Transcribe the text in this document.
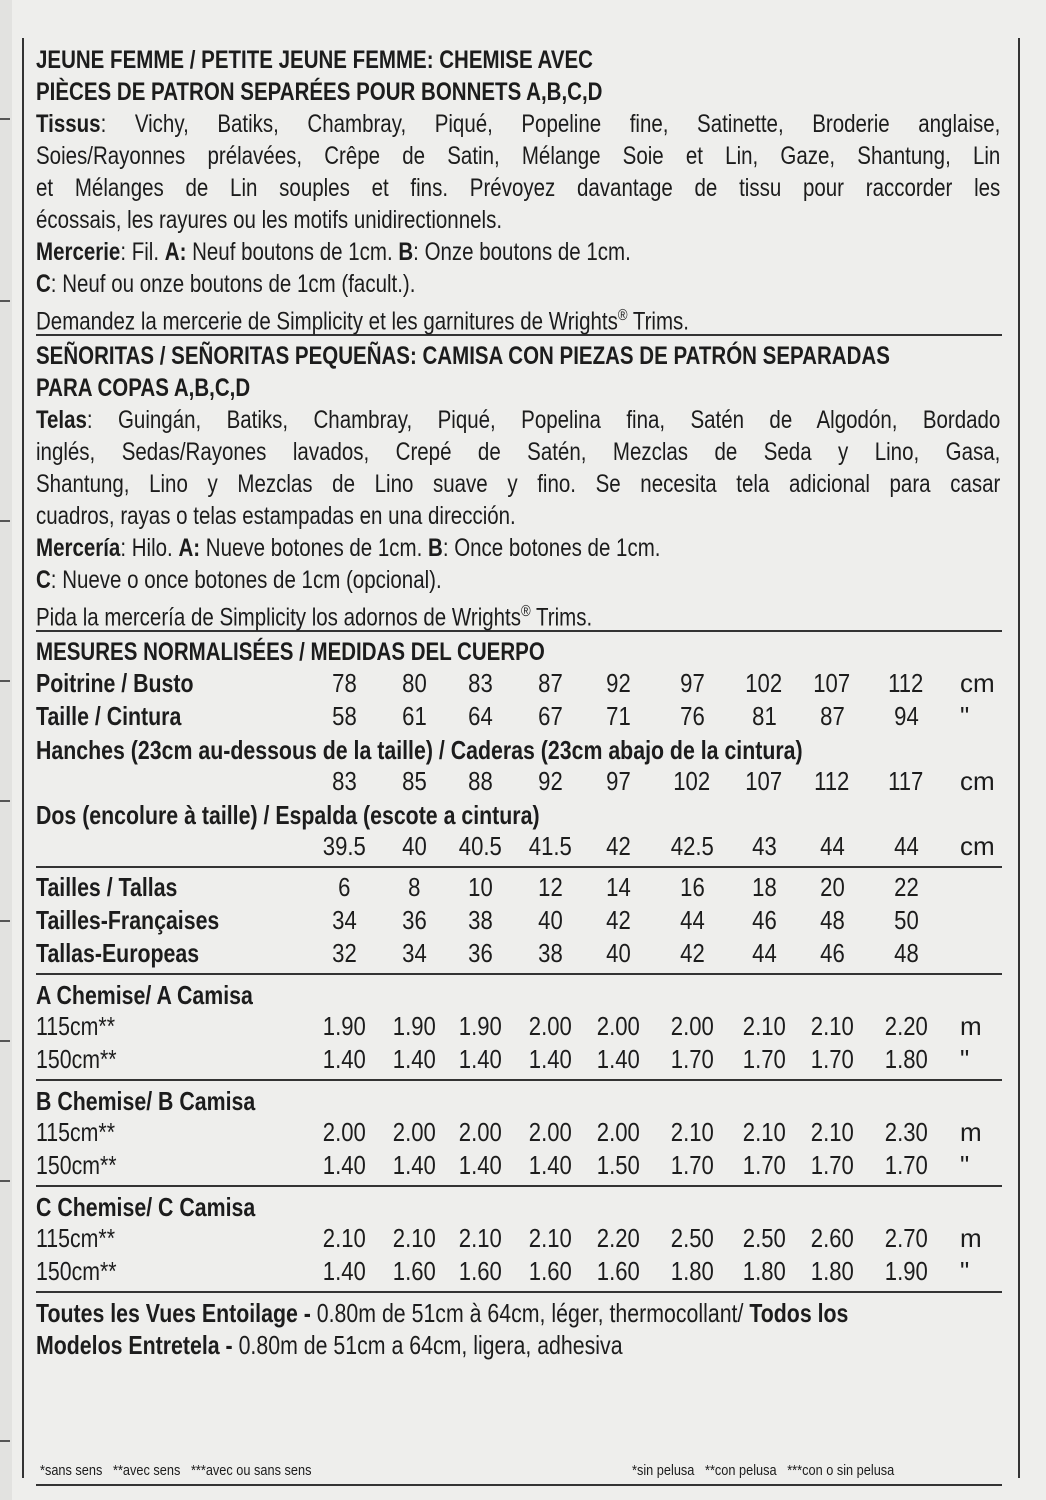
JEUNE FEMME / PETITE JEUNE FEMME: CHEMISE AVEC
PIÈCES DE PATRON SEPARÉES POUR BONNETS A,B,C,D
Tissus: Vichy, Batiks, Chambray, Piqué, Popeline fine, Satinette, Broderie anglaise,
Soies/Rayonnes prélavées, Crêpe de Satin, Mélange Soie et Lin, Gaze, Shantung, Lin
et Mélanges de Lin souples et fins. Prévoyez davantage de tissu pour raccorder les
écossais, les rayures ou les motifs unidirectionnels.
Mercerie: Fil. A: Neuf boutons de 1cm. B: Onze boutons de 1cm.
C: Neuf ou onze boutons de 1cm (facult.).
Demandez la mercerie de Simplicity et les garnitures de Wrights® Trims.
SEÑORITAS / SEÑORITAS PEQUEÑAS: CAMISA CON PIEZAS DE PATRÓN SEPARADAS
PARA COPAS A,B,C,D
Telas: Guingán, Batiks, Chambray, Piqué, Popelina fina, Satén de Algodón, Bordado
inglés, Sedas/Rayones lavados, Crepé de Satén, Mezclas de Seda y Lino, Gasa,
Shantung, Lino y Mezclas de Lino suave y fino. Se necesita tela adicional para casar
cuadros, rayas o telas estampadas en una dirección.
Mercería: Hilo. A: Nueve botones de 1cm. B: Once botones de 1cm.
C: Nueve o once botones de 1cm (opcional).
Pida la mercería de Simplicity los adornos de Wrights® Trims.
MESURES NORMALISÉES / MEDIDAS DEL CUERPO
Poitrine / Busto	78	80	83	87	92	97	102	107	112	cm
Taille / Cintura	58	61	64	67	71	76	81	87	94	"
Hanches (23cm au-dessous de la taille) / Caderas (23cm abajo de la cintura)
83	85	88	92	97	102	107	112	117	cm
Dos (encolure à taille) / Espalda (escote a cintura)
39.5	40	40.5	41.5	42	42.5	43	44	44	cm
Tailles / Tallas	6	8	10	12	14	16	18	20	22
Tailles-Françaises	34	36	38	40	42	44	46	48	50
Tallas-Europeas	32	34	36	38	40	42	44	46	48
A Chemise/ A Camisa
115cm**	1.90	1.90 1.90	2.00 2.00	2.00	2.10 2.10	2.20	m
150cm**	1.40	1.40 1.40	1.40 1.40	1.70	1.70 1.70	1.80	"
B Chemise/ B Camisa
115cm**	2.00	2.00 2.00	2.00 2.00	2.10	2.10 2.10	2.30	m
150cm**	1.40	1.40 1.40	1.40 1.50	1.70	1.70 1.70	1.70	"
C Chemise/ C Camisa
115cm**	2.10	2.10 2.10	2.10 2.20	2.50	2.50 2.60	2.70	m
150cm**	1.40	1.60 1.60	1.60 1.60	1.80	1.80 1.80	1.90	"
Toutes les Vues Entoilage - 0.80m de 51cm à 64cm, léger, thermocollant/ Todos los
Modelos Entretela - 0.80m de 51cm a 64cm, ligera, adhesiva
*sans sens   **avec sens   ***avec ou sans sens	*sin pelusa   **con pelusa   ***con o sin pelusa
